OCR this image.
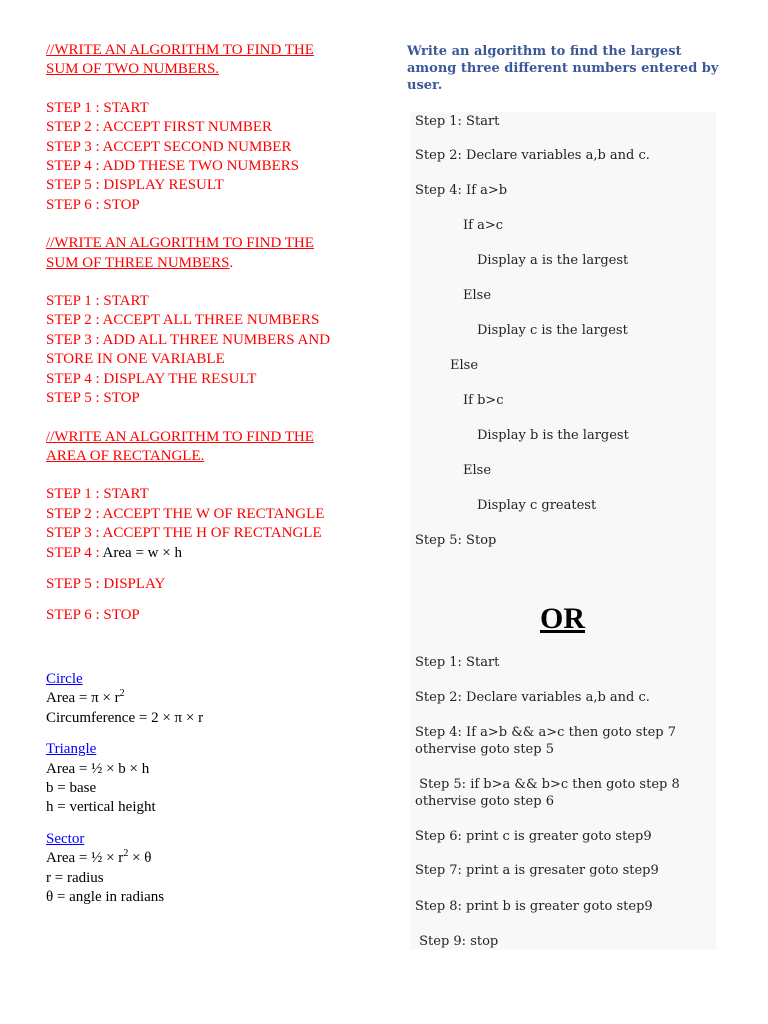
//WRITE AN ALGORITHM TO FIND THE
SUM OF TWO NUMBERS.
STEP 1 : START
STEP 2 : ACCEPT FIRST NUMBER
STEP 3 : ACCEPT SECOND NUMBER
STEP 4 : ADD THESE TWO NUMBERS
STEP 5 : DISPLAY RESULT
STEP 6 : STOP
//WRITE AN ALGORITHM TO FIND THE
SUM OF THREE NUMBERS.
STEP 1 : START
STEP 2 : ACCEPT ALL THREE NUMBERS
STEP 3 : ADD ALL THREE NUMBERS AND
STORE IN ONE VARIABLE
STEP 4 : DISPLAY THE RESULT
STEP 5 : STOP
//WRITE AN ALGORITHM TO FIND THE
AREA OF RECTANGLE.
STEP 1 : START
STEP 2 : ACCEPT THE W OF RECTANGLE
STEP 3 : ACCEPT THE H OF RECTANGLE
STEP 4 : Area = w × h
STEP 5 : DISPLAY
STEP 6 : STOP
Circle
Area = $\pi \times r^2$
Circumference = 2 × π × r
Triangle
Area = ½ × b × h
b = base
h = vertical height
Sector
Area = ½ × $r^2 \times \theta$
r = radius
θ = angle in radians
Write an algorithm to find the largest
among three different numbers entered by
user.
Step 1: Start
Step 2: Declare variables a,b and c.
Step 4: If a>b
If a>c
Display a is the largest
Else
Display c is the largest
Else
If b>c
Display b is the largest
Else
Display c greatest
Step 5: Stop
OR
Step 1: Start
Step 2: Declare variables a,b and c.
Step 4: If a>b && a>c then goto step 7
othervise goto step 5
Step 5: if b>a && b>c then goto step 8
othervise goto step 6
Step 6: print c is greater goto step9
Step 7: print a is gresater goto step9
Step 8: print b is greater goto step9
Step 9: stop
